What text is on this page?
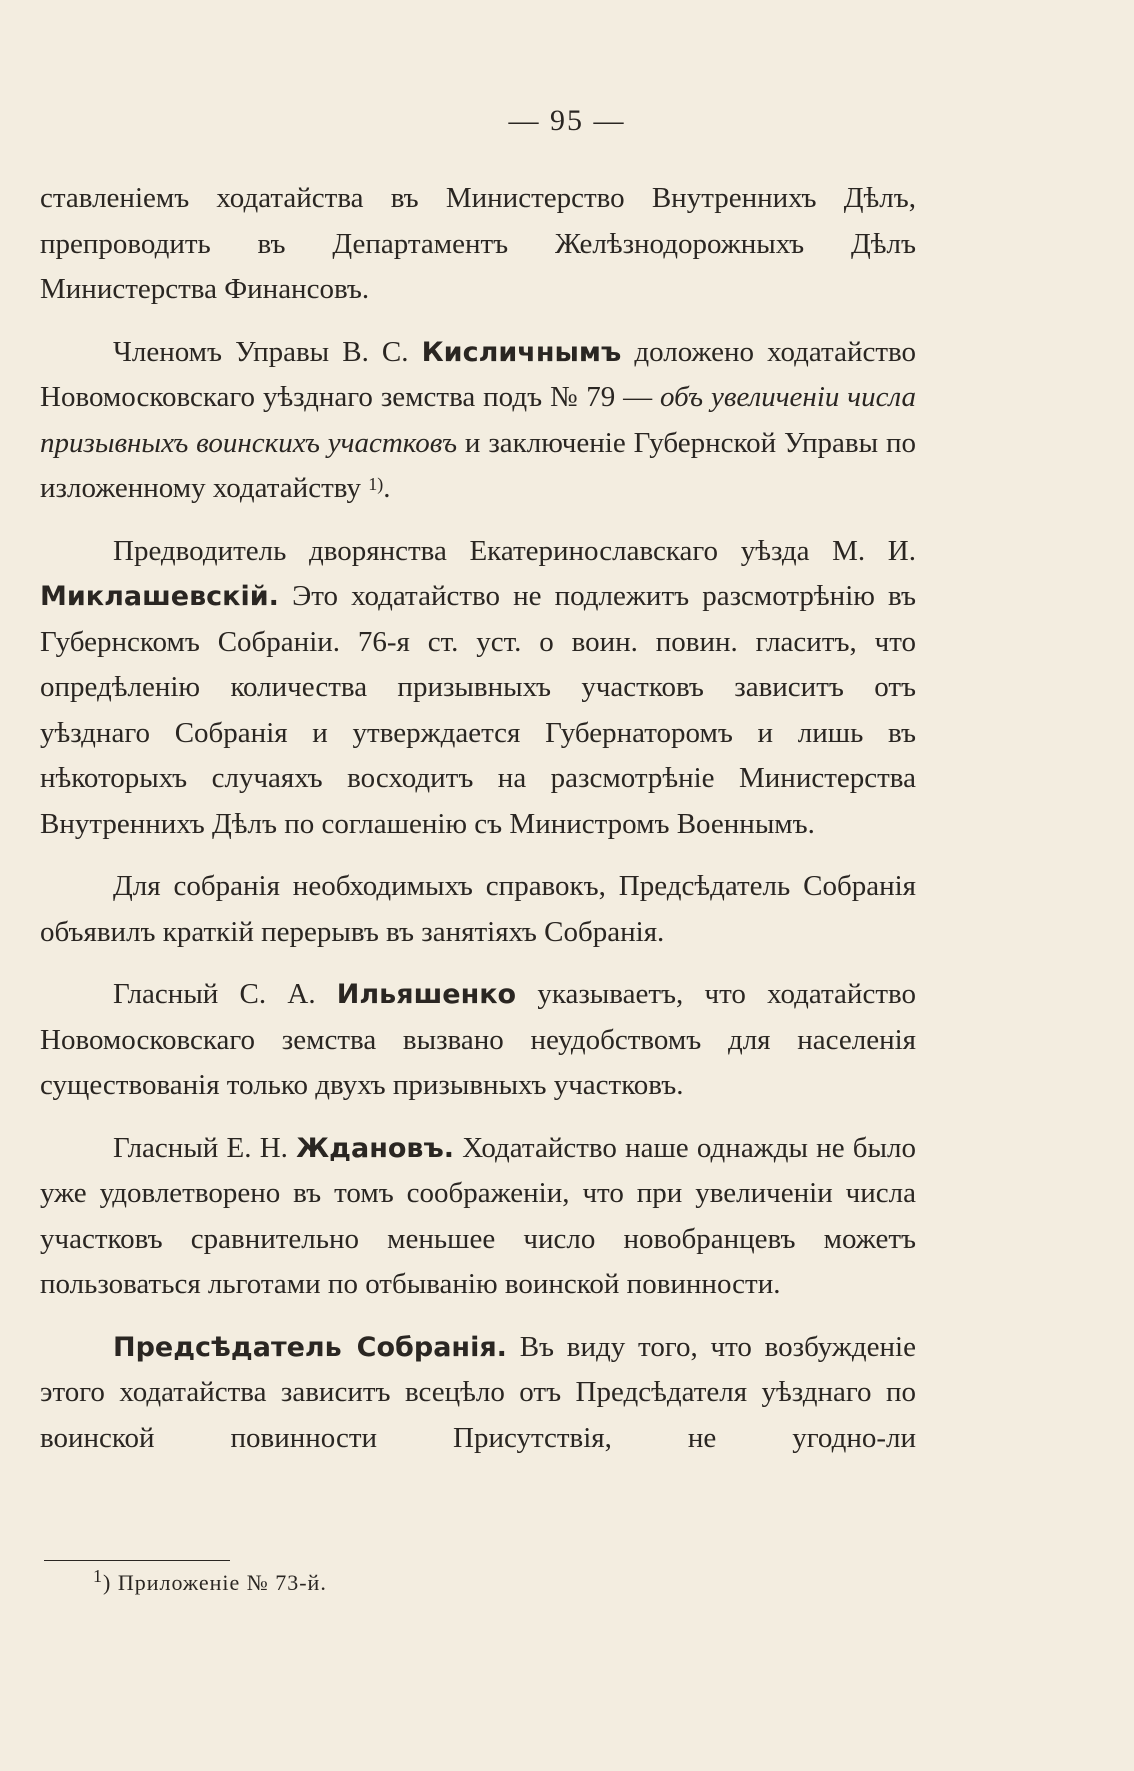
— 95 —

ставленіемъ ходатайства въ Министерство Внутреннихъ Дѣлъ, препроводить въ Департаментъ Желѣзнодорожныхъ Дѣлъ Министерства Финансовъ.

Членомъ Управы В. С. Кисличнымъ доложено ходатайство Новомосковскаго уѣзднаго земства подъ № 79 — объ увеличеніи числа призывныхъ воинскихъ участковъ и заключеніе Губернской Управы по изложенному ходатайству $^{1)}$.

Предводитель дворянства Екатеринославскаго уѣзда М. И. Миклашевскій. Это ходатайство не подлежитъ разсмотрѣнію въ Губернскомъ Собраніи. 76-я ст. уст. о воин. повин. гласитъ, что опредѣленію количества призывныхъ участковъ зависитъ отъ уѣзднаго Собранія и утверждается Губернаторомъ и лишь въ нѣкоторыхъ случаяхъ восходитъ на разсмотрѣніе Министерства Внутреннихъ Дѣлъ по соглашенію съ Министромъ Военнымъ.

Для собранія необходимыхъ справокъ, Предсѣдатель Собранія объявилъ краткій перерывъ въ занятіяхъ Собранія.

Гласный С. А. Ильяшенко указываетъ, что ходатайство Новомосковскаго земства вызвано неудобствомъ для населенія существованія только двухъ призывныхъ участковъ.

Гласный Е. Н. Ждановъ. Ходатайство наше однажды не было уже удовлетворено въ томъ соображеніи, что при увеличеніи числа участковъ сравнительно меньшее число новобранцевъ можетъ пользоваться льготами по отбыванію воинской повинности.

Предсѣдатель Собранія. Въ виду того, что возбужденіе этого ходатайства зависитъ всецѣло отъ Предсѣдателя уѣзднаго по воинской повинности Присутствія, не угодно-ли

$^1$) Приложеніе № 73-й.
